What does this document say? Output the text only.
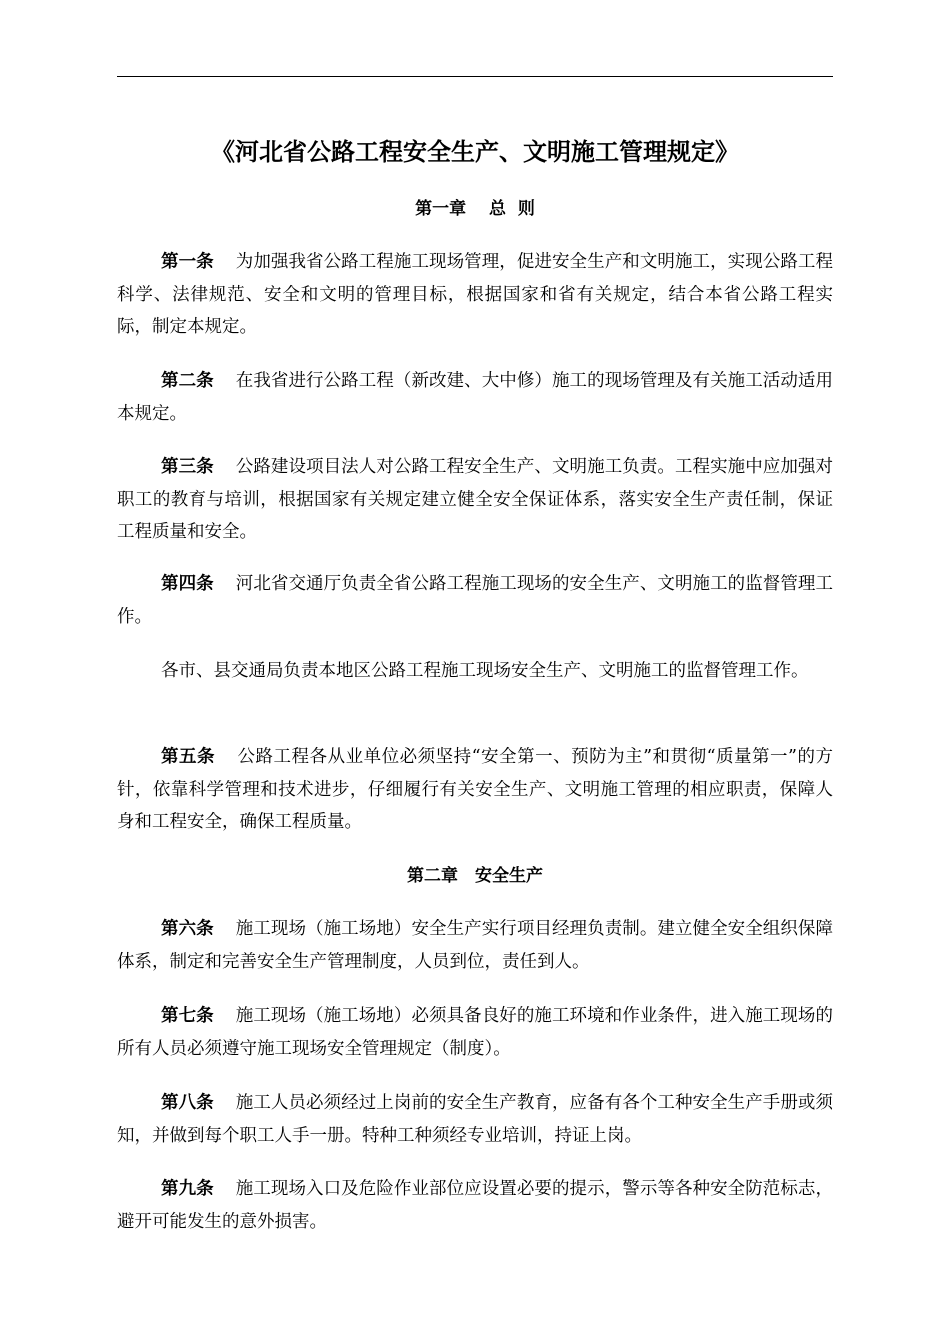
《河北省公路工程安全生产、文明施工管理规定》
第一章　 总  则

第一条 为加强我省公路工程施工现场管理，促进安全生产和文明施工，实现公路工程科学、法律规范、安全和文明的管理目标，根据国家和省有关规定，结合本省公路工程实际，制定本规定。

第二条 在我省进行公路工程（新改建、大中修）施工的现场管理及有关施工活动适用本规定。

第三条 公路建设项目法人对公路工程安全生产、文明施工负责。工程实施中应加强对职工的教育与培训，根据国家有关规定建立健全安全保证体系，落实安全生产责任制，保证工程质量和安全。

第四条 河北省交通厅负责全省公路工程施工现场的安全生产、文明施工的监督管理工作。

各市、县交通局负责本地区公路工程施工现场安全生产、文明施工的监督管理工作。

第五条 公路工程各从业单位必须坚持“安全第一、预防为主”和贯彻“质量第一”的方针，依靠科学管理和技术进步，仔细履行有关安全生产、文明施工管理的相应职责，保障人身和工程安全，确保工程质量。

第二章　安全生产

第六条 施工现场（施工场地）安全生产实行项目经理负责制。建立健全安全组织保障体系，制定和完善安全生产管理制度，人员到位，责任到人。

第七条 施工现场（施工场地）必须具备良好的施工环境和作业条件，进入施工现场的所有人员必须遵守施工现场安全管理规定（制度）。

第八条 施工人员必须经过上岗前的安全生产教育，应备有各个工种安全生产手册或须知，并做到每个职工人手一册。特种工种须经专业培训，持证上岗。

第九条 施工现场入口及危险作业部位应设置必要的提示，警示等各种安全防范标志，避开可能发生的意外损害。
